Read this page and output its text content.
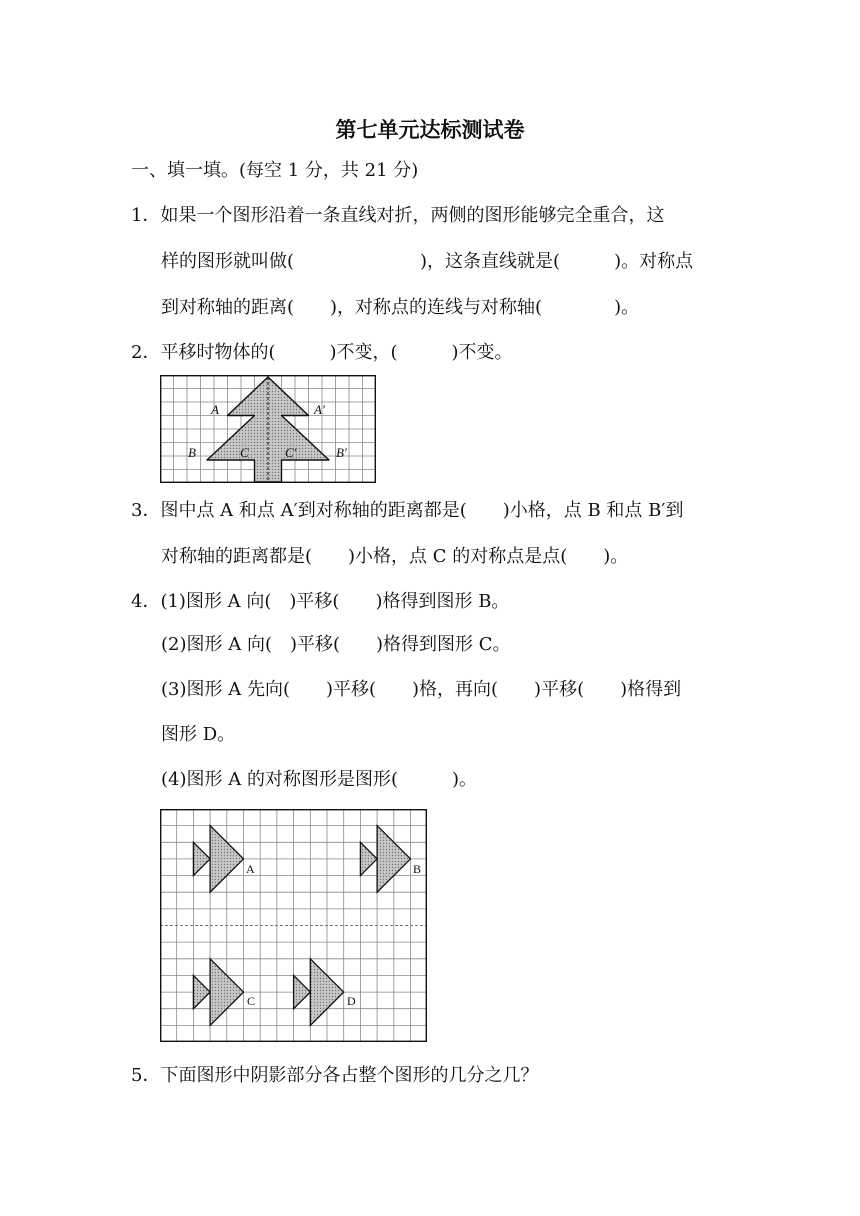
第七单元达标测试卷
一、填一填。(每空 1 分，共 21 分)
1．如果一个图形沿着一条直线对折，两侧的图形能够完全重合，这
样的图形就叫做(　　　　　　　)，这条直线就是(　　　)。对称点
到对称轴的距离(　　)，对称点的连线与对称轴(　　　　)。
2．平移时物体的(　　　)不变，(　　　)不变。
A	A′
B	C	C′	B′
3．图中点 A 和点 A′到对称轴的距离都是(　　)小格，点 B 和点 B′到
对称轴的距离都是(　　)小格，点 C 的对称点是点(　　)。
4．(1)图形 A 向(　)平移(　　)格得到图形 B。
(2)图形 A 向(　)平移(　　)格得到图形 C。
(3)图形 A 先向(　　)平移(　　)格，再向(　　)平移(　　)格得到
图形 D。
(4)图形 A 的对称图形是图形(　　　)。
A	B
C	D
5．下面图形中阴影部分各占整个图形的几分之几？
